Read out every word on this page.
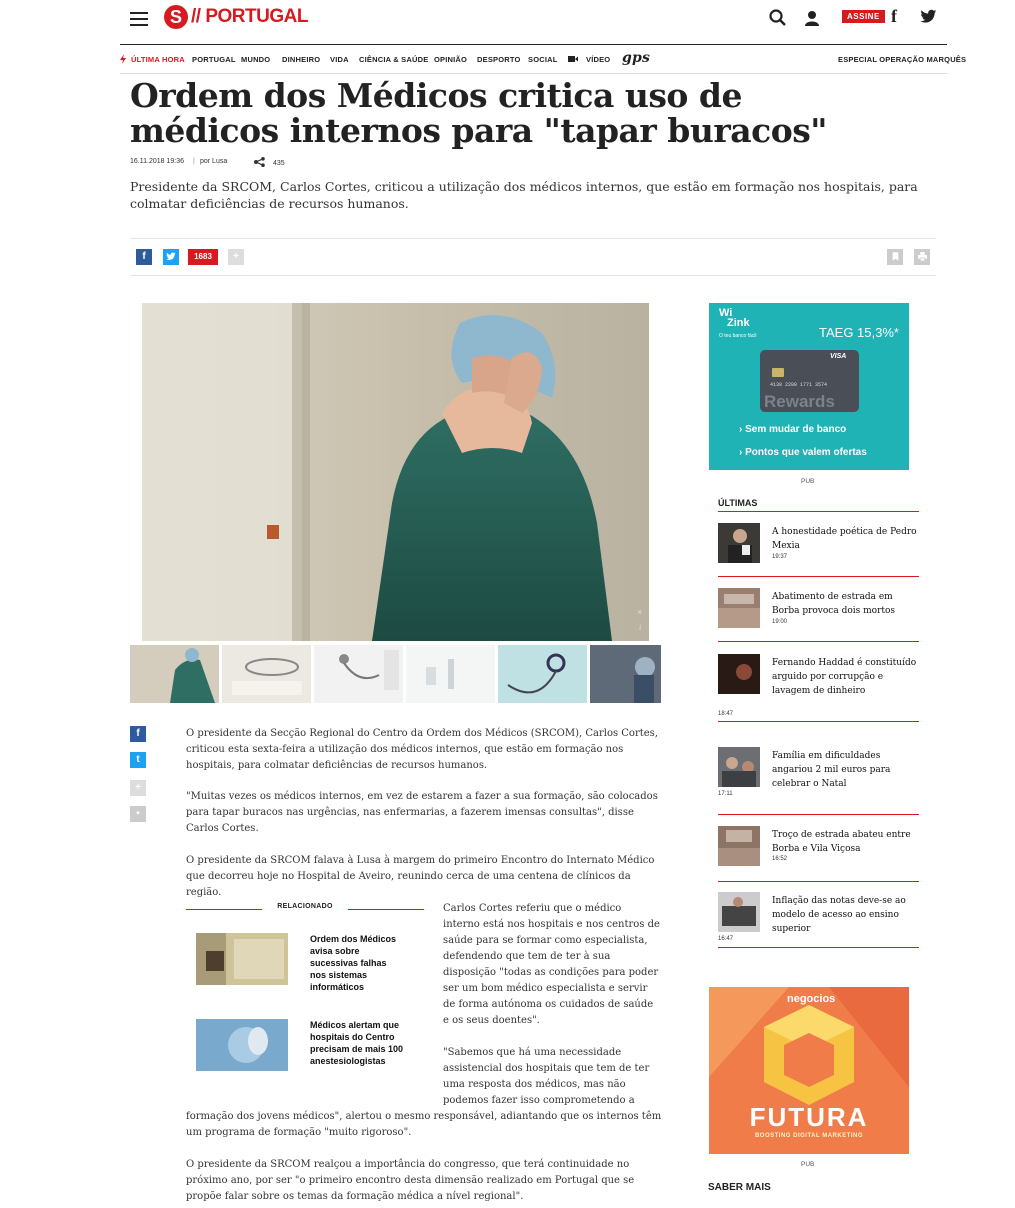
S // PORTUGAL	ASSINE f
ÚLTIMA HORA PORTUGAL MUNDO DINHEIRO VIDA CIÊNCIA & SAÚDE OPINIÃO DESPORTO SOCIAL	VÍDEO gps	ESPECIAL OPERAÇÃO MARQUÊS
Ordem dos Médicos critica uso de médicos internos para "tapar buracos"
16.11.2018 19:36 | por Lusa	435
Presidente da SRCOM, Carlos Cortes, criticou a utilização dos médicos internos, que estão em formação nos hospitais, para colmatar deficiências de recursos humanos.
f	1683	+
×
i
f
t
+
▪
O presidente da Secção Regional do Centro da Ordem dos Médicos (SRCOM), Carlos Cortes, criticou esta sexta-feira a utilização dos médicos internos, que estão em formação nos hospitais, para colmatar deficiências de recursos humanos.
"Muitas vezes os médicos internos, em vez de estarem a fazer a sua formação, são colocados para tapar buracos nas urgências, nas enfermarias, a fazerem imensas consultas", disse Carlos Cortes.
O presidente da SRCOM falava à Lusa à margem do primeiro Encontro do Internato Médico que decorreu hoje no Hospital de Aveiro, reunindo cerca de uma centena de clínicos da região.
RELACIONADO
Ordem dos Médicos avisa sobre sucessivas falhas nos sistemas informáticos
Médicos alertam que hospitais do Centro precisam de mais 100 anestesiologistas
Carlos Cortes referiu que o médico interno está nos hospitais e nos centros de saúde para se formar como especialista, defendendo que tem de ter à sua disposição "todas as condições para poder ser um bom médico especialista e servir de forma autónoma os cuidados de saúde e os seus doentes".
"Sabemos que há uma necessidade assistencial dos hospitais que tem de ter uma resposta dos médicos, mas não podemos fazer isso comprometendo a
formação dos jovens médicos", alertou o mesmo responsável, adiantando que os internos têm um programa de formação "muito rigoroso".
O presidente da SRCOM realçou a importância do congresso, que terá continuidade no próximo ano, por ser "o primeiro encontro desta dimensão realizado em Portugal que se propõe falar sobre os temas da formação médica a nível regional".
Wi
Zink
O teu banco fácil	TAEG 15,3%*
VISA
4138 2280 1771 3574
Rewards
› Sem mudar de banco
› Pontos que valem ofertas
PUB
ÚLTIMAS
A honestidade poética de Pedro Mexia
19:37
Abatimento de estrada em Borba provoca dois mortos
19:00
Fernando Haddad é constituído arguido por corrupção e lavagem de dinheiro
18:47
Família em dificuldades angariou 2 mil euros para celebrar o Natal
17:11
Troço de estrada abateu entre Borba e Vila Viçosa
16:52
Inflação das notas deve-se ao modelo de acesso ao ensino superior
16:47
negocios
FUTURA
BOOSTING DIGITAL MARKETING
PUB
SABER MAIS
